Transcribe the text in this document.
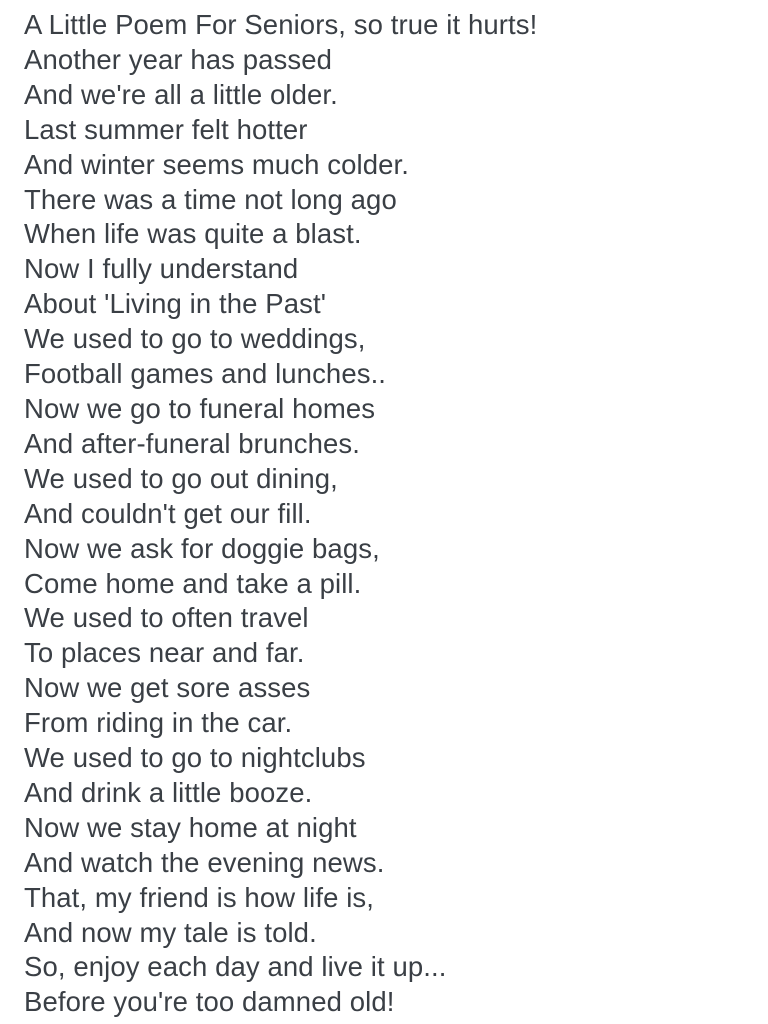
A Little Poem For Seniors, so true it hurts!
Another year has passed
And we're all a little older.
Last summer felt hotter
And winter seems much colder.
There was a time not long ago
When life was quite a blast.
Now I fully understand
About 'Living in the Past'
We used to go to weddings,
Football games and lunches..
Now we go to funeral homes
And after-funeral brunches.
We used to go out dining,
And couldn't get our fill.
Now we ask for doggie bags,
Come home and take a pill.
We used to often travel
To places near and far.
Now we get sore asses
From riding in the car.
We used to go to nightclubs
And drink a little booze.
Now we stay home at night
And watch the evening news.
That, my friend is how life is,
And now my tale is told.
So, enjoy each day and live it up...
Before you're too damned old!
